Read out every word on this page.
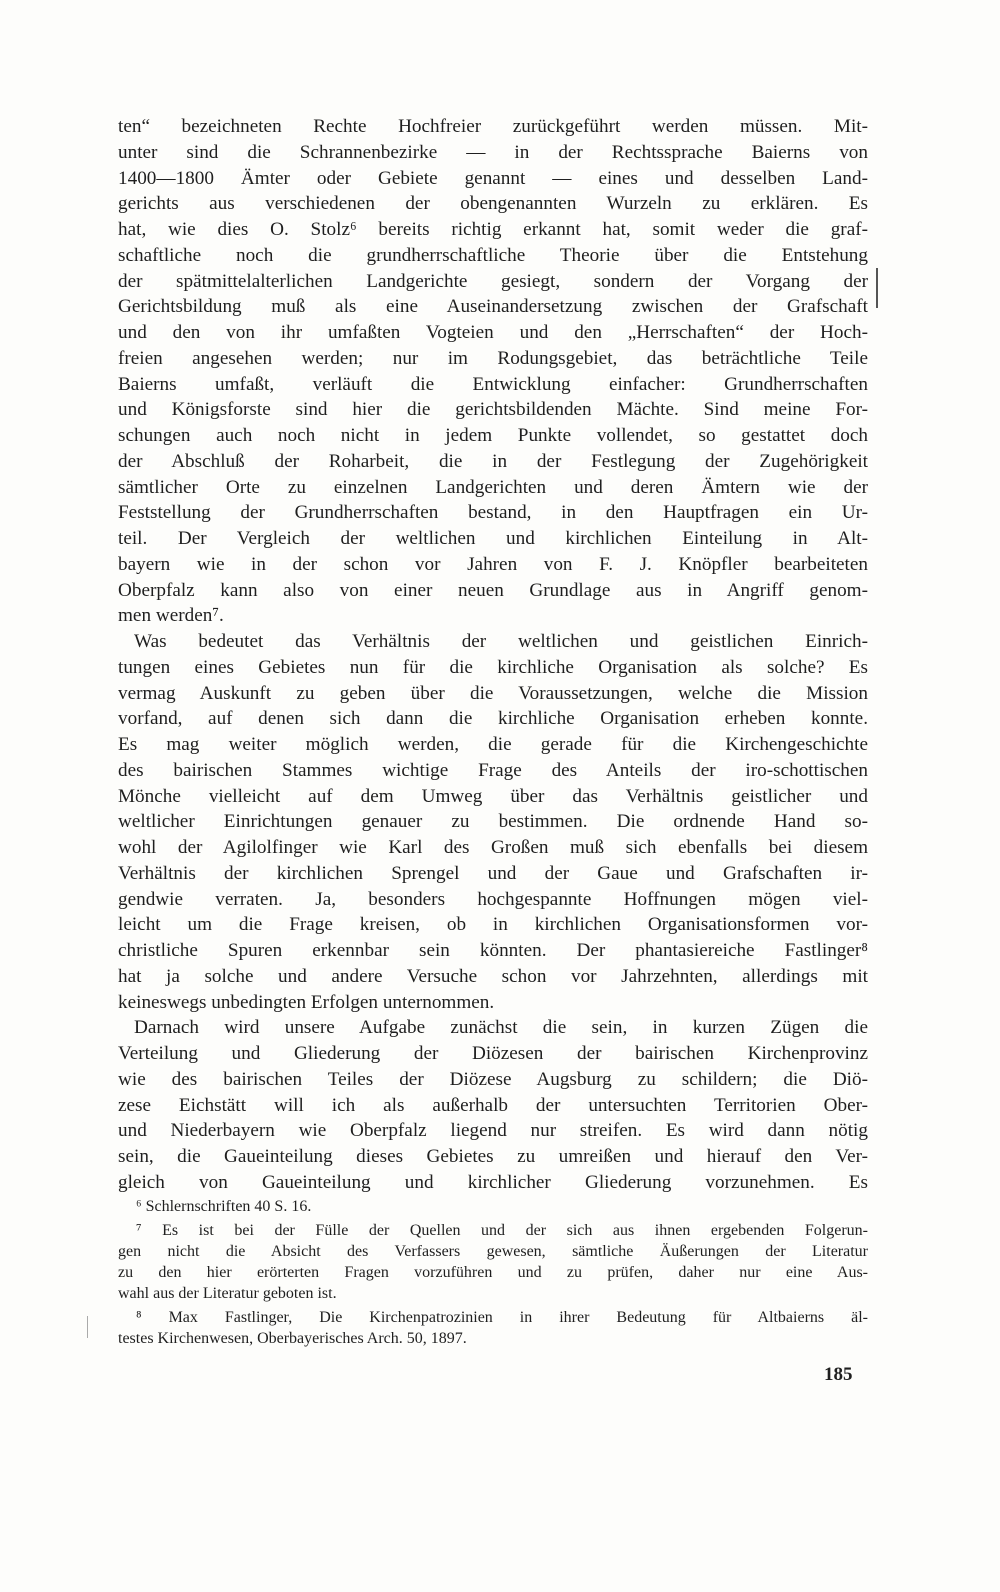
ten“ bezeichneten Rechte Hochfreier zurückgeführt werden müssen. Mit-
unter sind die Schrannenbezirke — in der Rechtssprache Baierns von
1400—1800 Ämter oder Gebiete genannt — eines und desselben Land-
gerichts aus verschiedenen der obengenannten Wurzeln zu erklären. Es
hat, wie dies O. Stolz⁶ bereits richtig erkannt hat, somit weder die graf-
schaftliche noch die grundherrschaftliche Theorie über die Entstehung
der spätmittelalterlichen Landgerichte gesiegt, sondern der Vorgang der
Gerichtsbildung muß als eine Auseinandersetzung zwischen der Grafschaft
und den von ihr umfaßten Vogteien und den „Herrschaften“ der Hoch-
freien angesehen werden; nur im Rodungsgebiet, das beträchtliche Teile
Baierns umfaßt, verläuft die Entwicklung einfacher: Grundherrschaften
und Königsforste sind hier die gerichtsbildenden Mächte. Sind meine For-
schungen auch noch nicht in jedem Punkte vollendet, so gestattet doch
der Abschluß der Roharbeit, die in der Festlegung der Zugehörigkeit
sämtlicher Orte zu einzelnen Landgerichten und deren Ämtern wie der
Feststellung der Grundherrschaften bestand, in den Hauptfragen ein Ur-
teil. Der Vergleich der weltlichen und kirchlichen Einteilung in Alt-
bayern wie in der schon vor Jahren von F. J. Knöpfler bearbeiteten
Oberpfalz kann also von einer neuen Grundlage aus in Angriff genom-
men werden⁷.
Was bedeutet das Verhältnis der weltlichen und geistlichen Einrich-
tungen eines Gebietes nun für die kirchliche Organisation als solche? Es
vermag Auskunft zu geben über die Voraussetzungen, welche die Mission
vorfand, auf denen sich dann die kirchliche Organisation erheben konnte.
Es mag weiter möglich werden, die gerade für die Kirchengeschichte
des bairischen Stammes wichtige Frage des Anteils der iro-schottischen
Mönche vielleicht auf dem Umweg über das Verhältnis geistlicher und
weltlicher Einrichtungen genauer zu bestimmen. Die ordnende Hand so-
wohl der Agilolfinger wie Karl des Großen muß sich ebenfalls bei diesem
Verhältnis der kirchlichen Sprengel und der Gaue und Grafschaften ir-
gendwie verraten. Ja, besonders hochgespannte Hoffnungen mögen viel-
leicht um die Frage kreisen, ob in kirchlichen Organisationsformen vor-
christliche Spuren erkennbar sein könnten. Der phantasiereiche Fastlinger⁸
hat ja solche und andere Versuche schon vor Jahrzehnten, allerdings mit
keineswegs unbedingten Erfolgen unternommen.
Darnach wird unsere Aufgabe zunächst die sein, in kurzen Zügen die
Verteilung und Gliederung der Diözesen der bairischen Kirchenprovinz
wie des bairischen Teiles der Diözese Augsburg zu schildern; die Diö-
zese Eichstätt will ich als außerhalb der untersuchten Territorien Ober-
und Niederbayern wie Oberpfalz liegend nur streifen. Es wird dann nötig
sein, die Gaueinteilung dieses Gebietes zu umreißen und hierauf den Ver-
gleich von Gaueinteilung und kirchlicher Gliederung vorzunehmen. Es
⁶ Schlernschriften 40 S. 16.
⁷ Es ist bei der Fülle der Quellen und der sich aus ihnen ergebenden Folgerun-
gen nicht die Absicht des Verfassers gewesen, sämtliche Äußerungen der Literatur
zu den hier erörterten Fragen vorzuführen und zu prüfen, daher nur eine Aus-
wahl aus der Literatur geboten ist.
⁸ Max Fastlinger, Die Kirchenpatrozinien in ihrer Bedeutung für Altbaierns äl-
testes Kirchenwesen, Oberbayerisches Arch. 50, 1897.
185
